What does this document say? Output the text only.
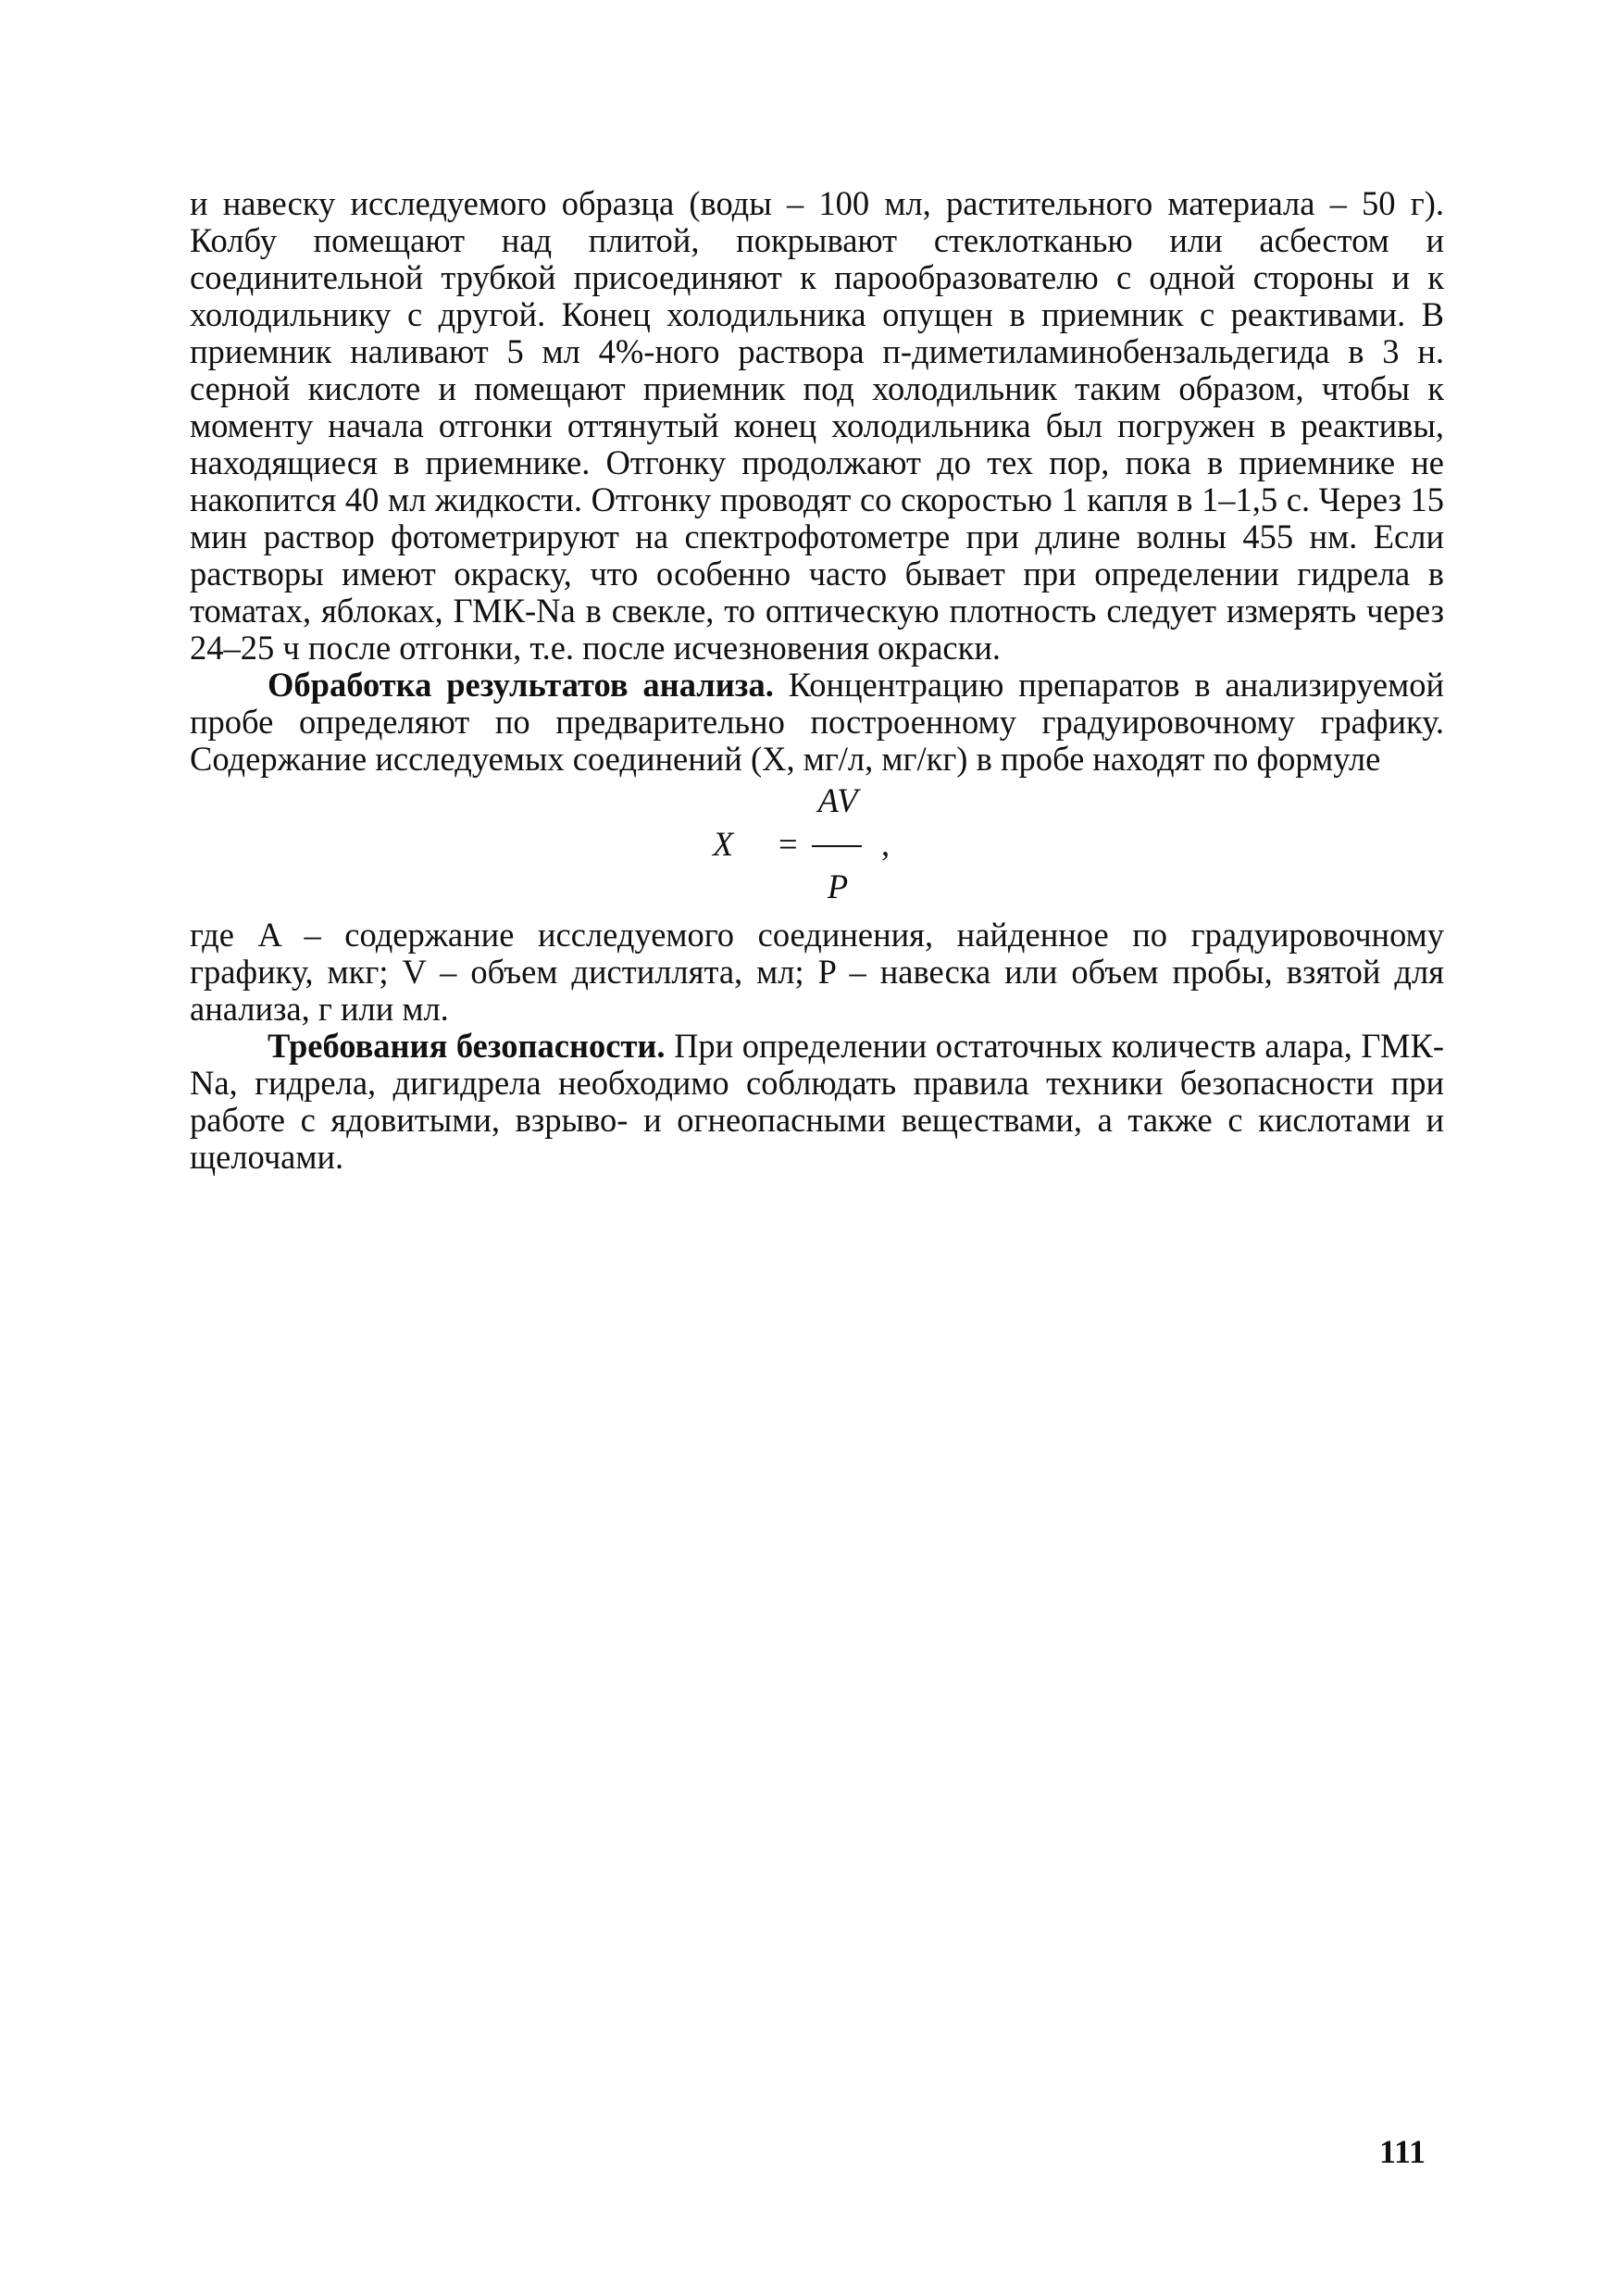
и навеску исследуемого образца (воды – 100 мл, растительного материала – 50 г). Колбу помещают над плитой, покрывают стеклотканью или асбестом и соединительной трубкой присоединяют к парообразователю с одной стороны и к холодильнику с другой. Конец холодильника опущен в приемник с реактивами. В приемник наливают 5 мл 4%-ного раствора п-диметиламинобензальдегида в 3 н. серной кислоте и помещают приемник под холодильник таким образом, чтобы к моменту начала отгонки оттянутый конец холодильника был погружен в реактивы, находящиеся в приемнике. Отгонку продолжают до тех пор, пока в приемнике не накопится 40 мл жидкости. Отгонку проводят со скоростью 1 капля в 1–1,5 с. Через 15 мин раствор фотометрируют на спектрофотометре при длине волны 455 нм. Если растворы имеют окраску, что особенно часто бывает при определении гидрела в томатах, яблоках, ГМК-Na в свекле, то оптическую плотность следует измерять через 24–25 ч после отгонки, т.е. после исчезновения окраски.

Обработка результатов анализа. Концентрацию препаратов в анализируемой пробе определяют по предварительно построенному градуировочному графику. Содержание исследуемых соединений (X, мг/л, мг/кг) в пробе находят по формуле

X =
AV
P
,

где A – содержание исследуемого соединения, найденное по градуировочному графику, мкг; V – объем дистиллята, мл; P – навеска или объем пробы, взятой для анализа, г или мл.

Требования безопасности. При определении остаточных количеств алара, ГМК-Na, гидрела, дигидрела необходимо соблюдать правила техники безопасности при работе с ядовитыми, взрыво- и огнеопасными веществами, а также с кислотами и щелочами.

111
